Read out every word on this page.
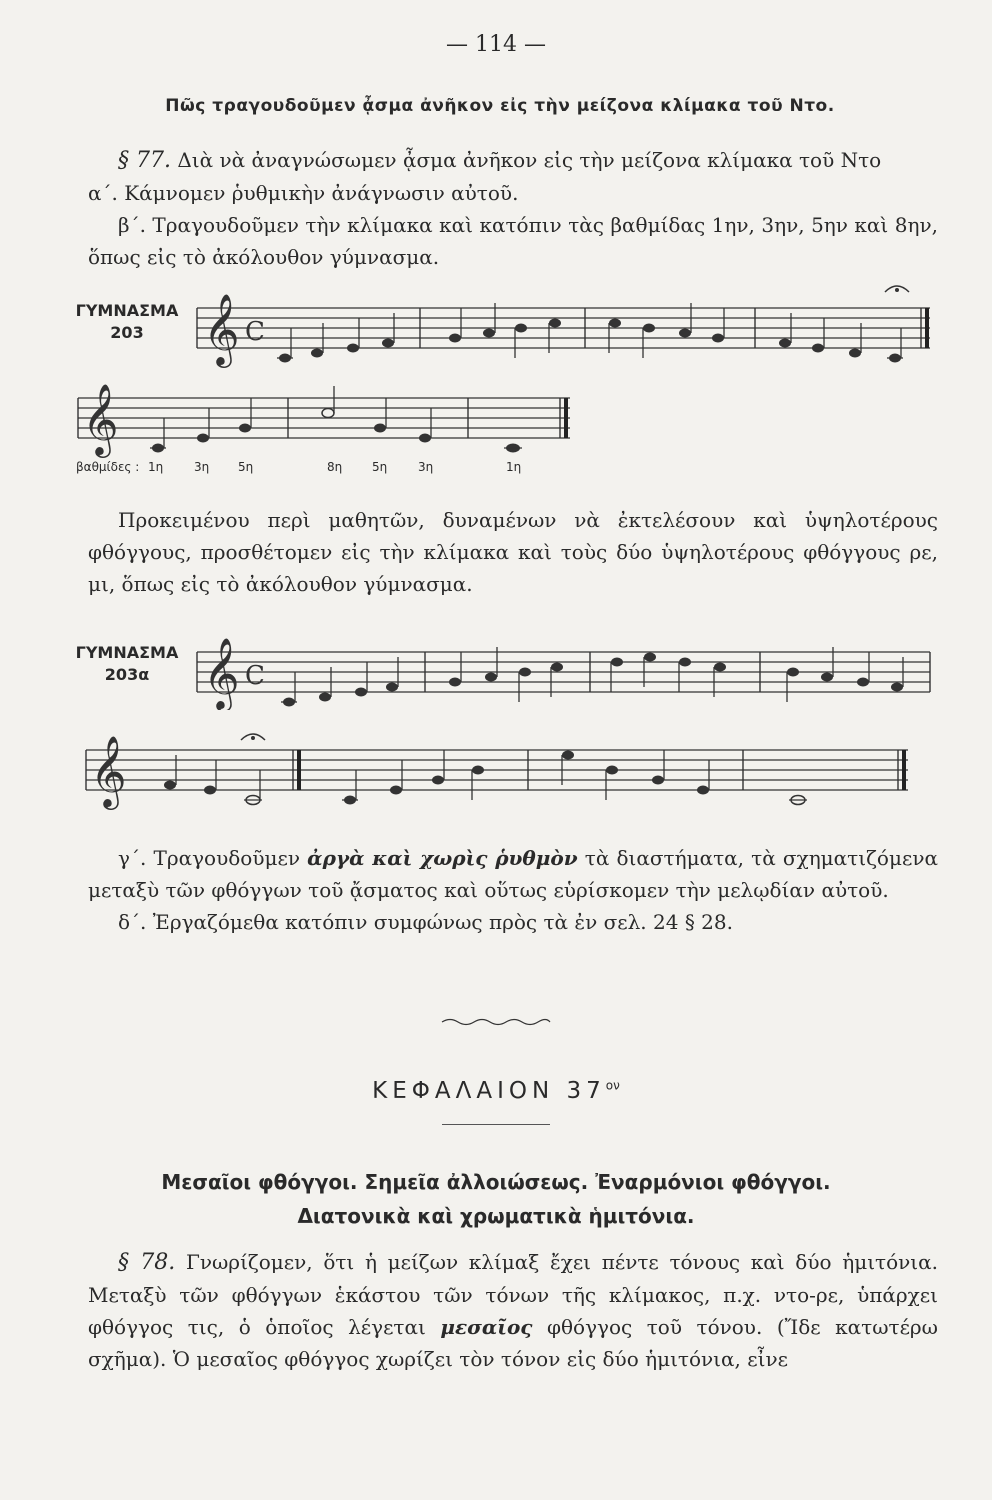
— 114 —
Πῶς τραγουδοῦμεν ᾆσμα ἀνῆκον εἰς τὴν μείζονα κλίμακα τοῦ Ντο.

§ 77. Διὰ νὰ ἀναγνώσωμεν ᾆσμα ἀνῆκον εἰς τὴν μείζονα κλίμακα τοῦ Ντο

α΄. Κάμνομεν ῥυθμικὴν ἀνάγνωσιν αὐτοῦ.

β΄. Τραγουδοῦμεν τὴν κλίμακα καὶ κατόπιν τὰς βαθμίδας 1ην, 3ην, 5ην καὶ 8ην, ὅπως εἰς τὸ ἀκόλουθον γύμνασμα.

ΓΥΜΝΑΣΜΑ
203 𝄞 C
𝄞
βαθμίδες : 1η	3η 5η	8η 5η	3η	1η

Προκειμένου περὶ μαθητῶν, δυναμένων νὰ ἐκτελέσουν καὶ ὑψηλοτέρους φθόγγους, προσθέτομεν εἰς τὴν κλίμακα καὶ τοὺς δύο ὑψηλοτέρους φθόγγους ρε, μι, ὅπως εἰς τὸ ἀκόλουθον γύμνασμα.

ΓΥΜΝΑΣΜΑ
203α 𝄞 C
𝄞

γ΄. Τραγουδοῦμεν ἀργὰ καὶ χωρὶς ῥυθμὸν τὰ διαστήματα, τὰ σχηματιζόμενα μεταξὺ τῶν φθόγγων τοῦ ᾄσματος καὶ οὕτως εὑρίσκομεν τὴν μελῳδίαν αὐτοῦ.

δ΄. Ἐργαζόμεθα κατόπιν συμφώνως πρὸς τὰ ἐν σελ. 24 § 28.

ΚΕΦΑΛΑΙΟΝ $37^{o\nu}$
Μεσαῖοι φθόγγοι. Σημεῖα ἀλλοιώσεως. Ἐναρμόνιοι φθόγγοι.
Διατονικὰ καὶ χρωματικὰ ἡμιτόνια.

§ 78. Γνωρίζομεν, ὅτι ἡ μείζων κλίμαξ ἔχει πέντε τόνους καὶ δύο ἡμιτόνια. Μεταξὺ τῶν φθόγγων ἑκάστου τῶν τόνων τῆς κλίμακος, π.χ. ντο-ρε, ὑπάρχει φθόγγος τις, ὁ ὁποῖος λέγεται μεσαῖος φθόγγος τοῦ τόνου. (Ἴδε κατωτέρω σχῆμα). Ὁ μεσαῖος φθόγγος χωρίζει τὸν τόνον εἰς δύο ἡμιτόνια, εἶνε
